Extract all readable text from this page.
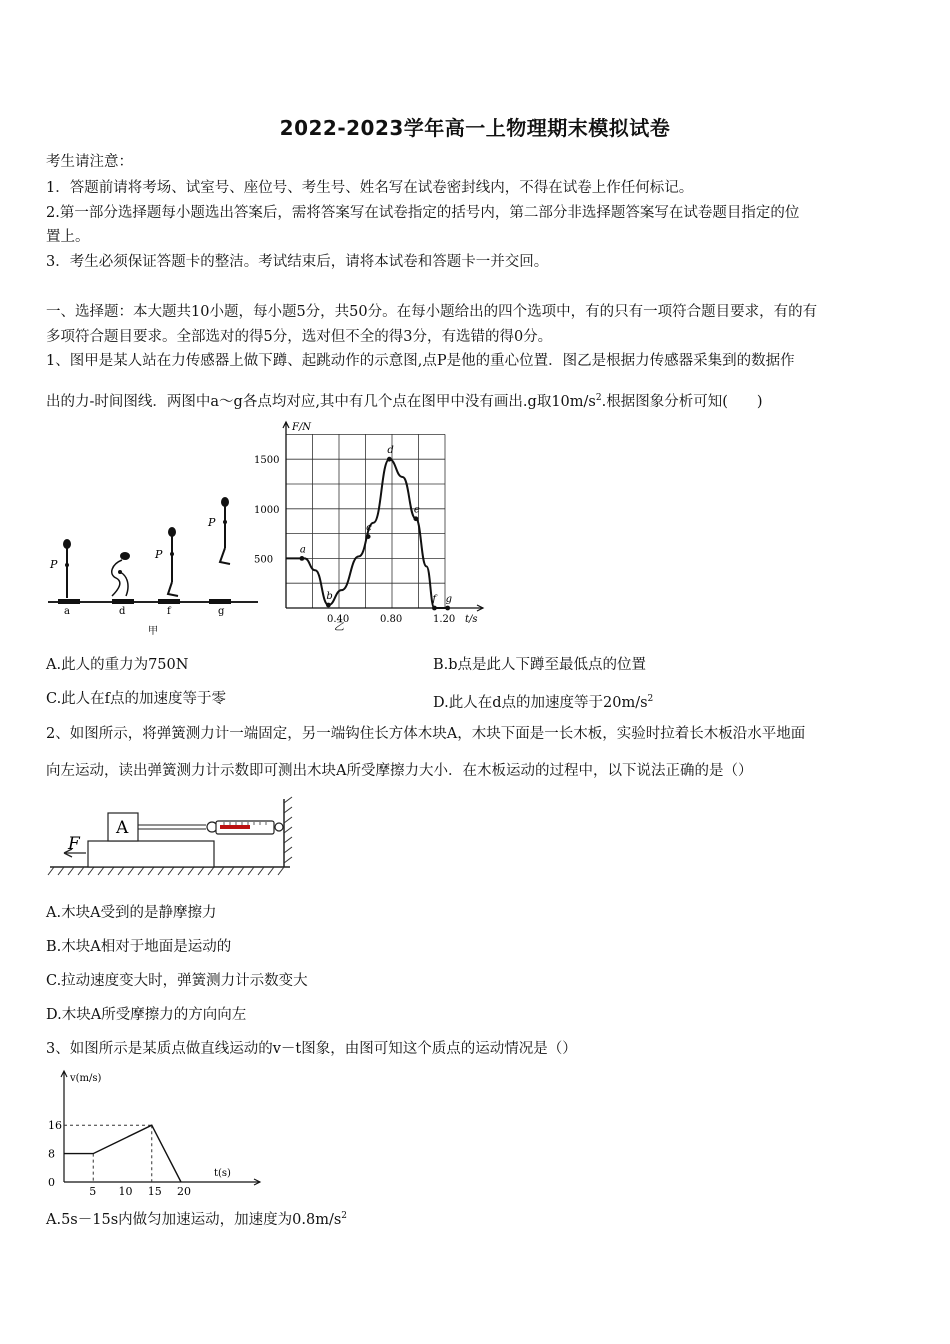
2022-2023学年高一上物理期末模拟试卷
考生请注意：
1．答题前请将考场、试室号、座位号、考生号、姓名写在试卷密封线内，不得在试卷上作任何标记。
2.第一部分选择题每小题选出答案后，需将答案写在试卷指定的括号内，第二部分非选择题答案写在试卷题目指定的位
置上。
3．考生必须保证答题卡的整洁。考试结束后，请将本试卷和答题卡一并交回。
一、选择题：本大题共10小题，每小题5分，共50分。在每小题给出的四个选项中，有的只有一项符合题目要求，有的有
多项符合题目要求。全部选对的得5分，选对但不全的得3分，有选错的得0分。
1、图甲是某人站在力传感器上做下蹲、起跳动作的示意图,点P是他的重心位置．图乙是根据力传感器采集到的数据作
出的力-时间图线．两图中a～g各点均对应,其中有几个点在图甲中没有画出.g取$10m/s^2$.根据图象分析可知(　　)
P
P
P
a	d	f	g
甲
F/N
t/s
500
1000
1500
0.40	0.80	1.20
a
b
c
d
e
f g
乙
A.此人的重力为750N	B.b点是此人下蹲至最低点的位置
C.此人在f点的加速度等于零	D.此人在d点的加速度等于$20m/s^2$
2、如图所示，将弹簧测力计一端固定，另一端钩住长方体木块A，木块下面是一长木板，实验时拉着长木板沿水平地面
向左运动，读出弹簧测力计示数即可测出木块A所受摩擦力大小．在木板运动的过程中，以下说法正确的是（）
A
F
A.木块A受到的是静摩擦力
B.木块A相对于地面是运动的
C.拉动速度变大时，弹簧测力计示数变大
D.木块A所受摩擦力的方向向左
3、如图所示是某质点做直线运动的v－t图象，由图可知这个质点的运动情况是（）
v(m/s)
t(s)
16
8
0
5 10 15 20
A.5s－15s内做匀加速运动，加速度为$0.8m/s^2$
